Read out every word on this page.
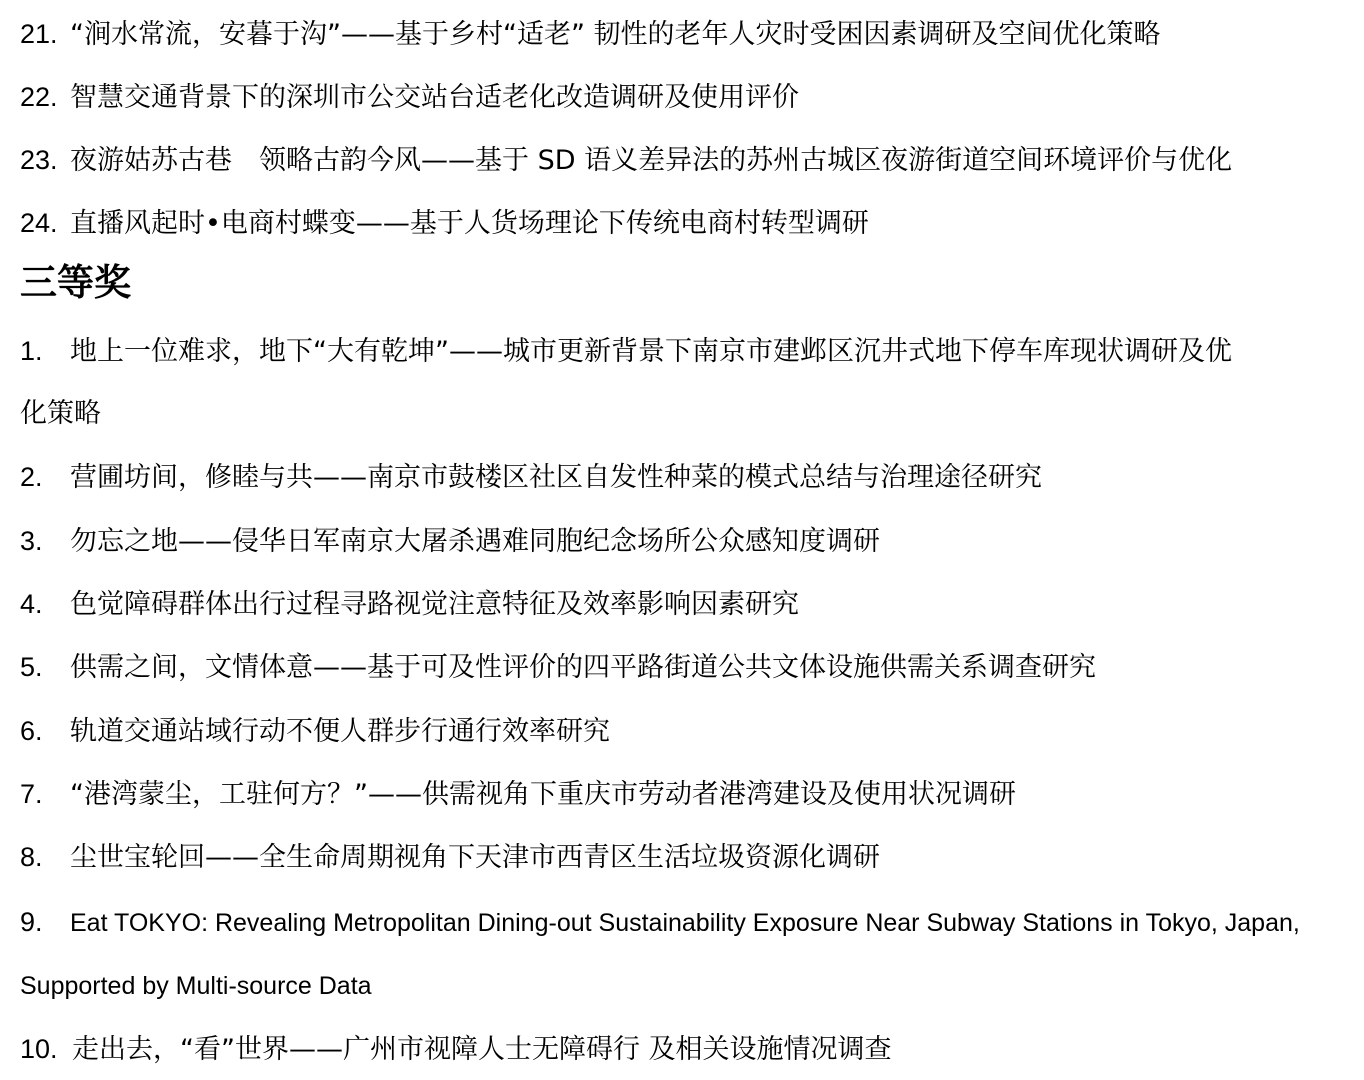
21. “涧水常流，安暮于沟”——基于乡村“适老” 韧性的老年人灾时受困因素调研及空间优化策略
22. 智慧交通背景下的深圳市公交站台适老化改造调研及使用评价
23. 夜游姑苏古巷　领略古韵今风——基于 SD 语义差异法的苏州古城区夜游街道空间环境评价与优化
24. 直播风起时•电商村蝶变——基于人货场理论下传统电商村转型调研
三等奖
1. 地上一位难求，地下“大有乾坤”——城市更新背景下南京市建邺区沉井式地下停车库现状调研及优
化策略
2. 营圃坊间，修睦与共——南京市鼓楼区社区自发性种菜的模式总结与治理途径研究
3. 勿忘之地——侵华日军南京大屠杀遇难同胞纪念场所公众感知度调研
4. 色觉障碍群体出行过程寻路视觉注意特征及效率影响因素研究
5. 供需之间，文情体意——基于可及性评价的四平路街道公共文体设施供需关系调查研究
6. 轨道交通站域行动不便人群步行通行效率研究
7. “港湾蒙尘，工驻何方？”——供需视角下重庆市劳动者港湾建设及使用状况调研
8. 尘世宝轮回——全生命周期视角下天津市西青区生活垃圾资源化调研
9. Eat TOKYO: Revealing Metropolitan Dining-out Sustainability Exposure Near Subway Stations in Tokyo, Japan,
Supported by Multi-source Data
10. 走出去，“看”世界——广州市视障人士无障碍行 及相关设施情况调查
